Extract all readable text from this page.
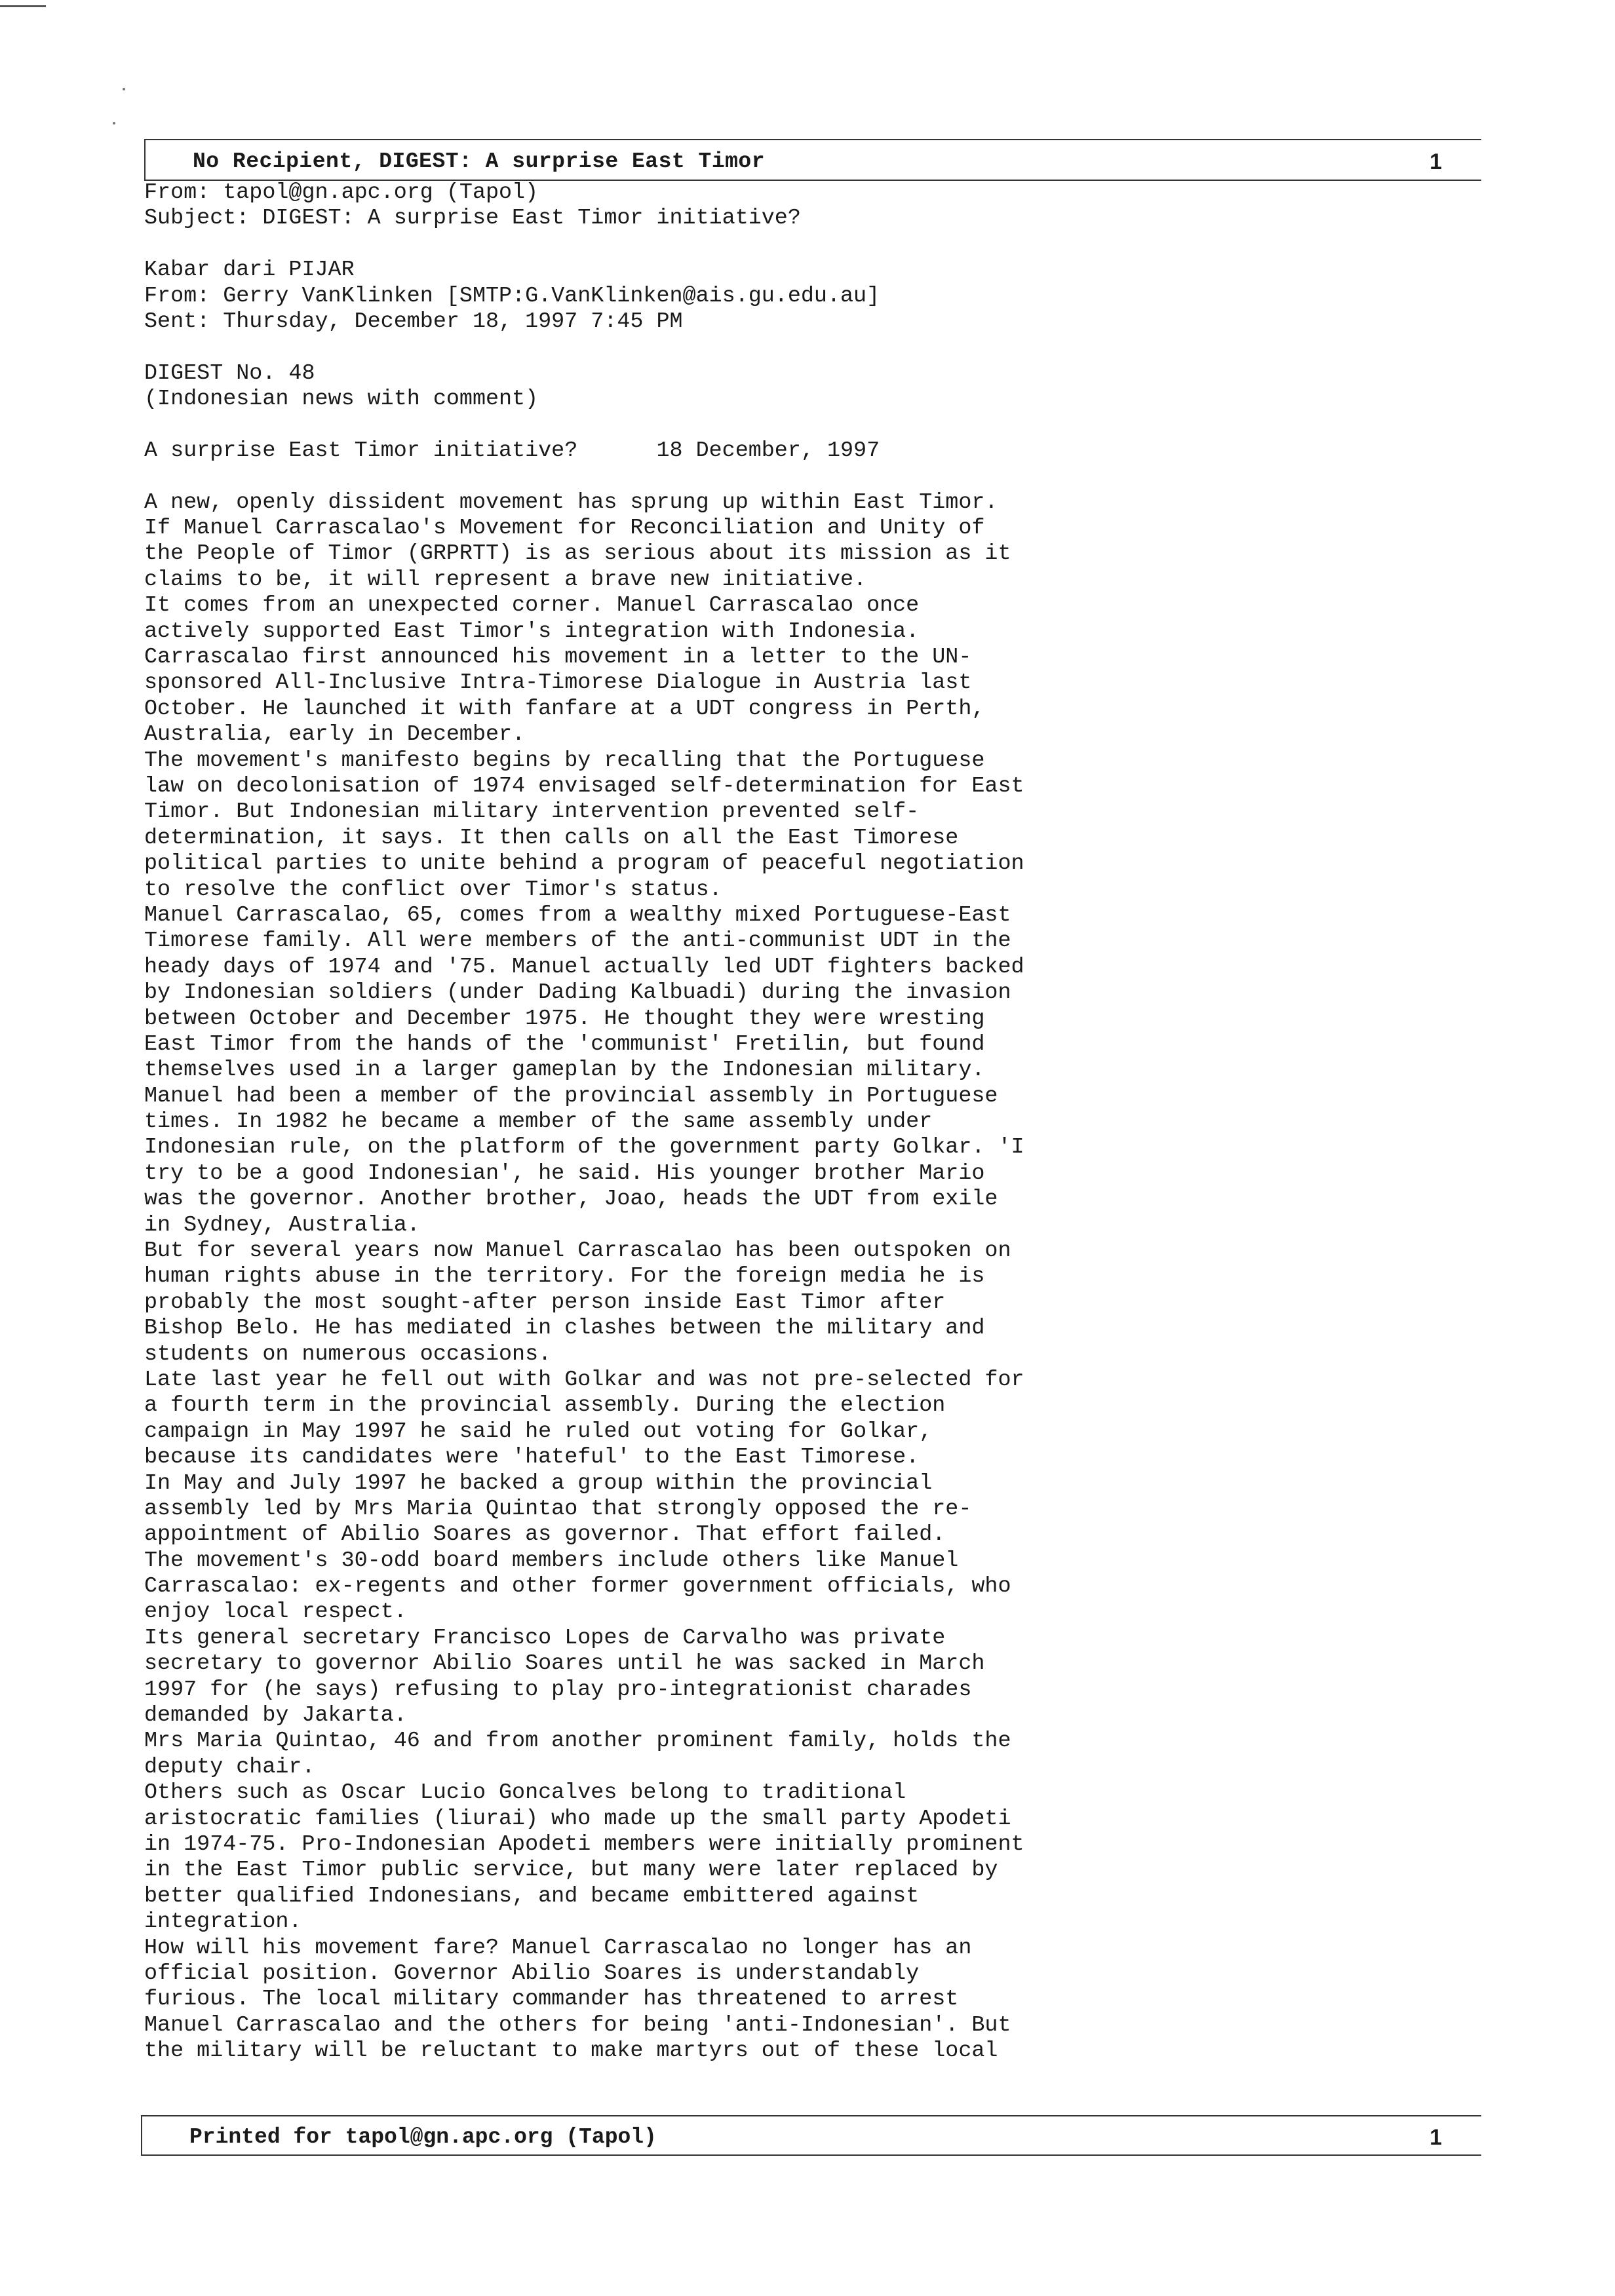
No Recipient, DIGEST: A surprise East Timor	1
From: tapol@gn.apc.org (Tapol)
Subject: DIGEST: A surprise East Timor initiative?
Kabar dari PIJAR
From: Gerry VanKlinken [SMTP:G.VanKlinken@ais.gu.edu.au]
Sent: Thursday, December 18, 1997 7:45 PM
DIGEST No. 48
(Indonesian news with comment)
A surprise East Timor initiative?      18 December, 1997
A new, openly dissident movement has sprung up within East Timor.
If Manuel Carrascalao's Movement for Reconciliation and Unity of
the People of Timor (GRPRTT) is as serious about its mission as it
claims to be, it will represent a brave new initiative.
It comes from an unexpected corner. Manuel Carrascalao once
actively supported East Timor's integration with Indonesia.
Carrascalao first announced his movement in a letter to the UN-
sponsored All-Inclusive Intra-Timorese Dialogue in Austria last
October. He launched it with fanfare at a UDT congress in Perth,
Australia, early in December.
The movement's manifesto begins by recalling that the Portuguese
law on decolonisation of 1974 envisaged self-determination for East
Timor. But Indonesian military intervention prevented self-
determination, it says. It then calls on all the East Timorese
political parties to unite behind a program of peaceful negotiation
to resolve the conflict over Timor's status.
Manuel Carrascalao, 65, comes from a wealthy mixed Portuguese-East
Timorese family. All were members of the anti-communist UDT in the
heady days of 1974 and '75. Manuel actually led UDT fighters backed
by Indonesian soldiers (under Dading Kalbuadi) during the invasion
between October and December 1975. He thought they were wresting
East Timor from the hands of the 'communist' Fretilin, but found
themselves used in a larger gameplan by the Indonesian military.
Manuel had been a member of the provincial assembly in Portuguese
times. In 1982 he became a member of the same assembly under
Indonesian rule, on the platform of the government party Golkar. 'I
try to be a good Indonesian', he said. His younger brother Mario
was the governor. Another brother, Joao, heads the UDT from exile
in Sydney, Australia.
But for several years now Manuel Carrascalao has been outspoken on
human rights abuse in the territory. For the foreign media he is
probably the most sought-after person inside East Timor after
Bishop Belo. He has mediated in clashes between the military and
students on numerous occasions.
Late last year he fell out with Golkar and was not pre-selected for
a fourth term in the provincial assembly. During the election
campaign in May 1997 he said he ruled out voting for Golkar,
because its candidates were 'hateful' to the East Timorese.
In May and July 1997 he backed a group within the provincial
assembly led by Mrs Maria Quintao that strongly opposed the re-
appointment of Abilio Soares as governor. That effort failed.
The movement's 30-odd board members include others like Manuel
Carrascalao: ex-regents and other former government officials, who
enjoy local respect.
Its general secretary Francisco Lopes de Carvalho was private
secretary to governor Abilio Soares until he was sacked in March
1997 for (he says) refusing to play pro-integrationist charades
demanded by Jakarta.
Mrs Maria Quintao, 46 and from another prominent family, holds the
deputy chair.
Others such as Oscar Lucio Goncalves belong to traditional
aristocratic families (liurai) who made up the small party Apodeti
in 1974-75. Pro-Indonesian Apodeti members were initially prominent
in the East Timor public service, but many were later replaced by
better qualified Indonesians, and became embittered against
integration.
How will his movement fare? Manuel Carrascalao no longer has an
official position. Governor Abilio Soares is understandably
furious. The local military commander has threatened to arrest
Manuel Carrascalao and the others for being 'anti-Indonesian'. But
the military will be reluctant to make martyrs out of these local
Printed for tapol@gn.apc.org (Tapol)	1
